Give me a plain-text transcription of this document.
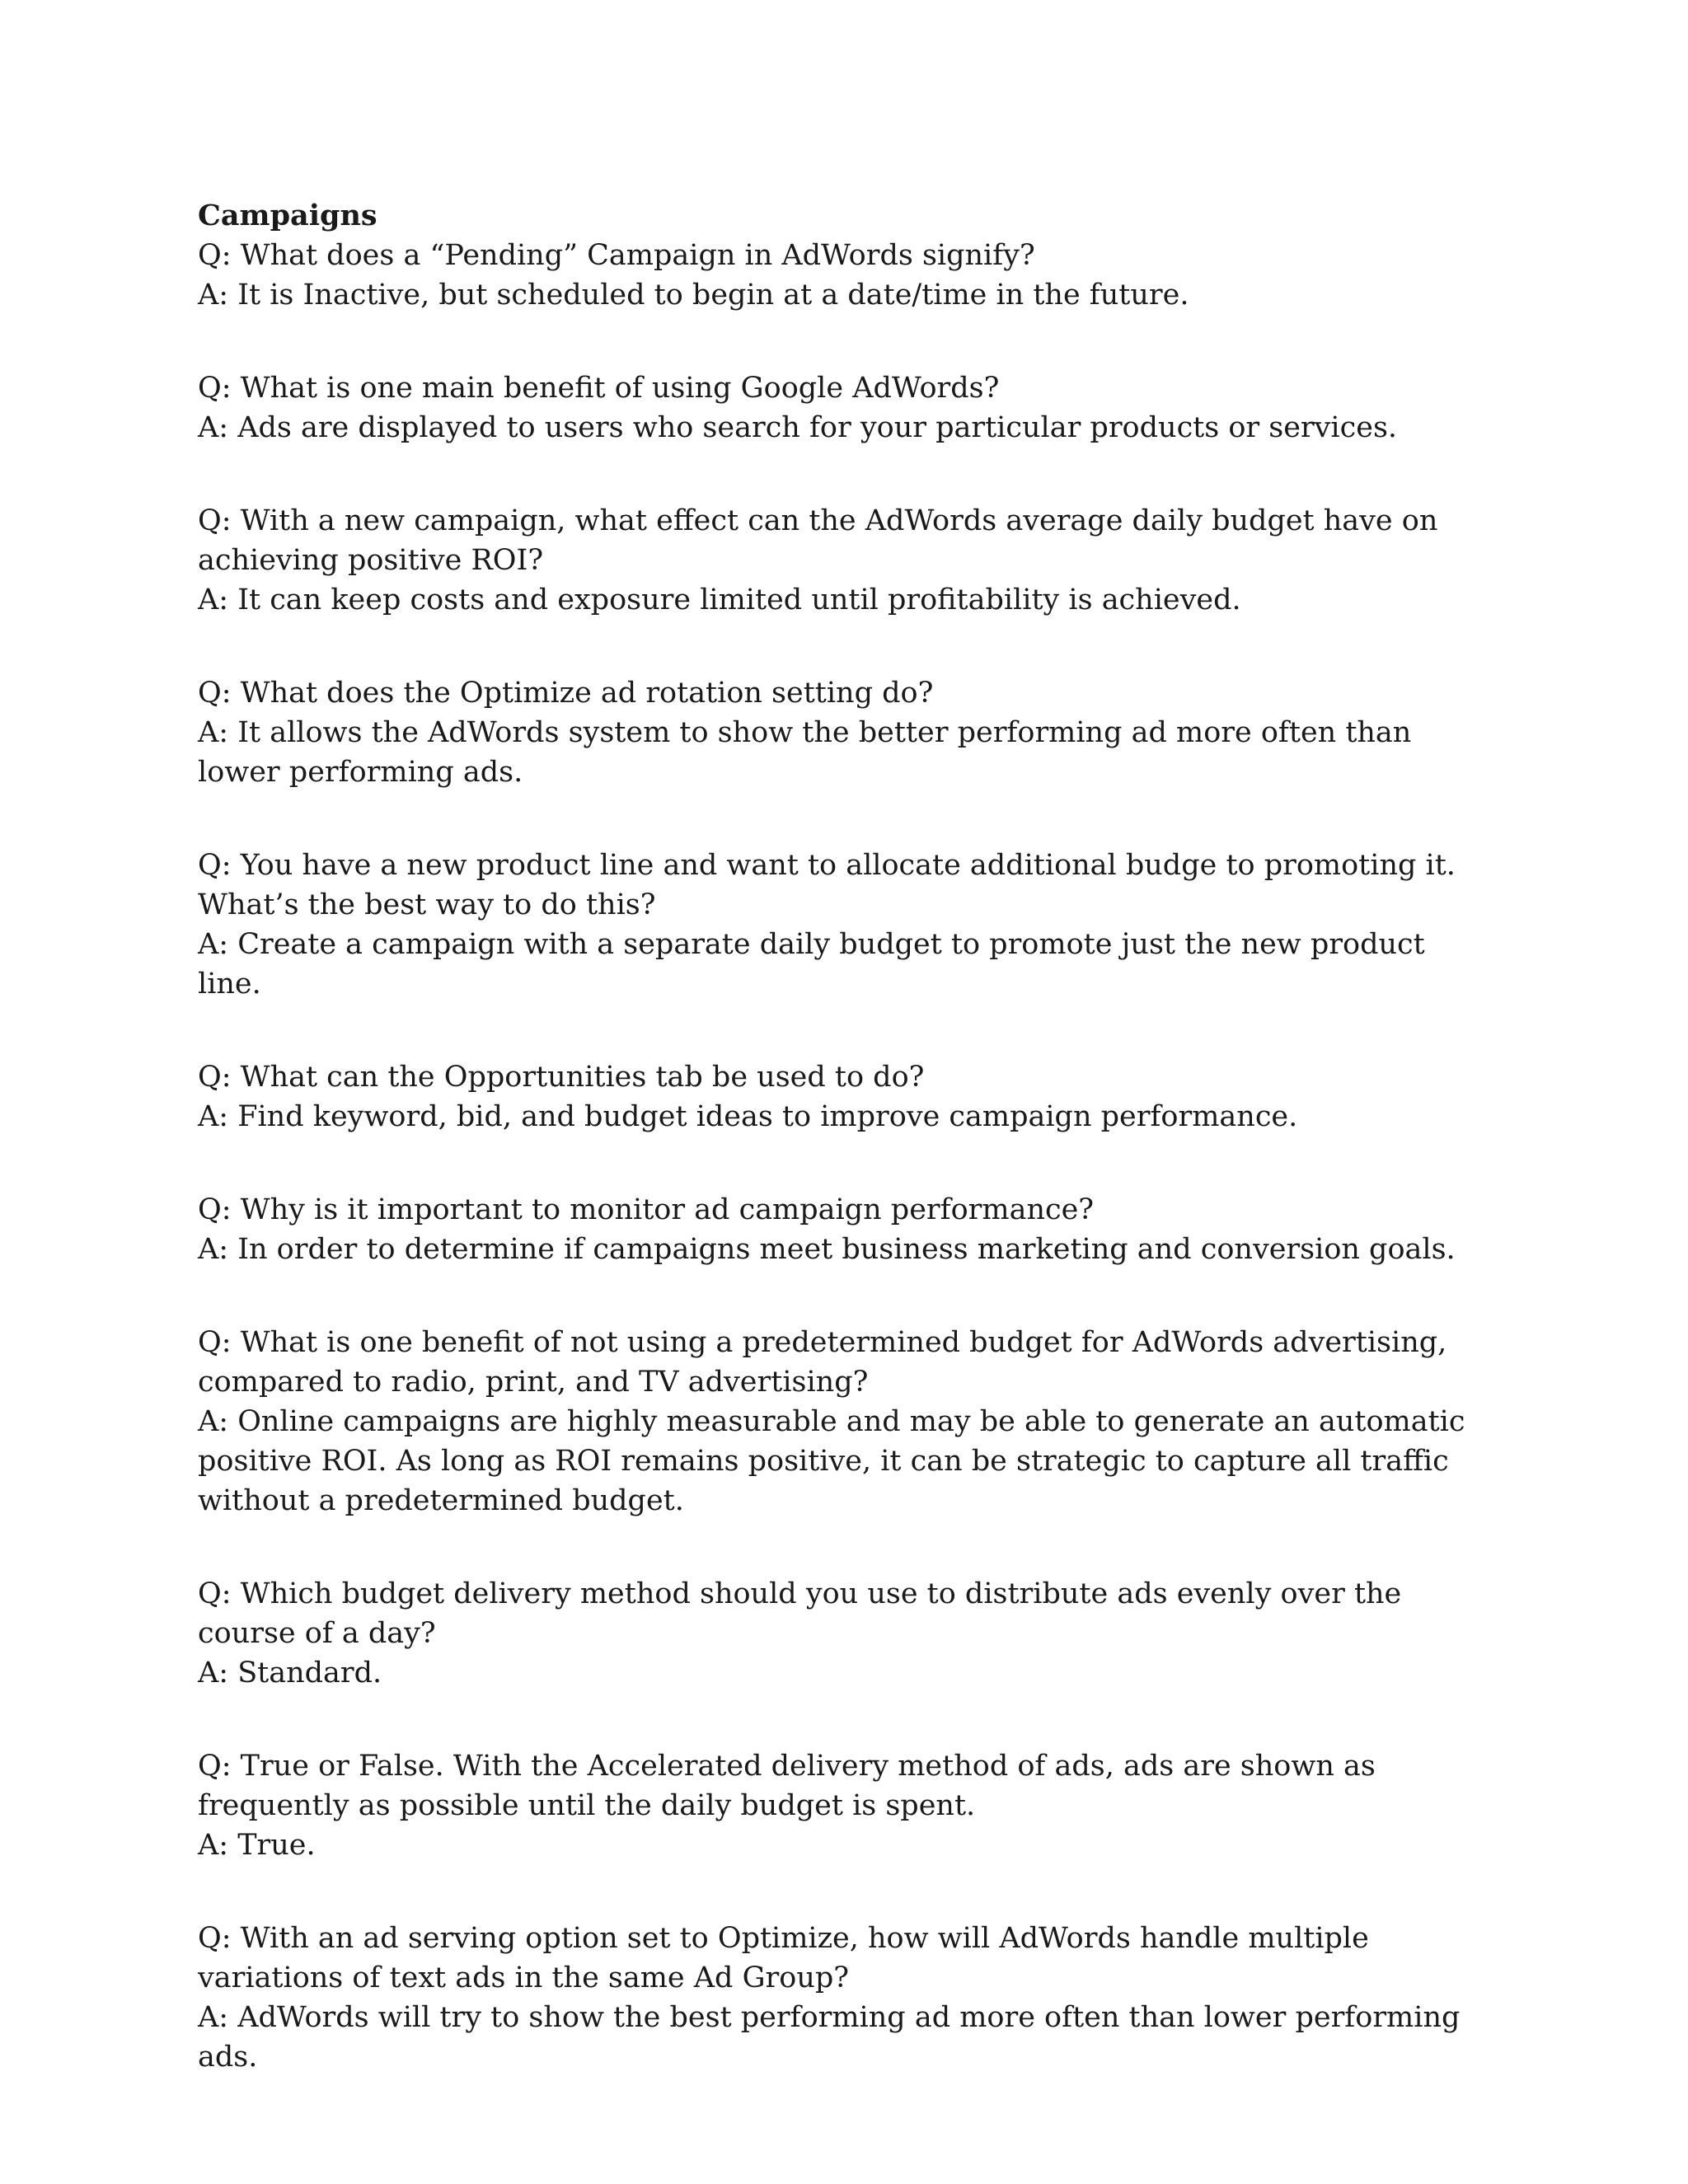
Campaigns

Q: What does a “Pending” Campaign in AdWords signify?

A: It is Inactive, but scheduled to begin at a date/time in the future.

Q: What is one main benefit of using Google AdWords?

A: Ads are displayed to users who search for your particular products or services.

Q: With a new campaign, what effect can the AdWords average daily budget have on achieving positive ROI?

A: It can keep costs and exposure limited until profitability is achieved.

Q: What does the Optimize ad rotation setting do?

A: It allows the AdWords system to show the better performing ad more often than lower performing ads.

Q: You have a new product line and want to allocate additional budge to promoting it. What’s the best way to do this?

A: Create a campaign with a separate daily budget to promote just the new product line.

Q: What can the Opportunities tab be used to do?

A: Find keyword, bid, and budget ideas to improve campaign performance.

Q: Why is it important to monitor ad campaign performance?

A: In order to determine if campaigns meet business marketing and conversion goals.

Q: What is one benefit of not using a predetermined budget for AdWords advertising, compared to radio, print, and TV advertising?

A: Online campaigns are highly measurable and may be able to generate an automatic positive ROI. As long as ROI remains positive, it can be strategic to capture all traffic without a predetermined budget.

Q: Which budget delivery method should you use to distribute ads evenly over the course of a day?

A: Standard.

Q: True or False. With the Accelerated delivery method of ads, ads are shown as frequently as possible until the daily budget is spent.

A: True.

Q: With an ad serving option set to Optimize, how will AdWords handle multiple variations of text ads in the same Ad Group?

A: AdWords will try to show the best performing ad more often than lower performing ads.
